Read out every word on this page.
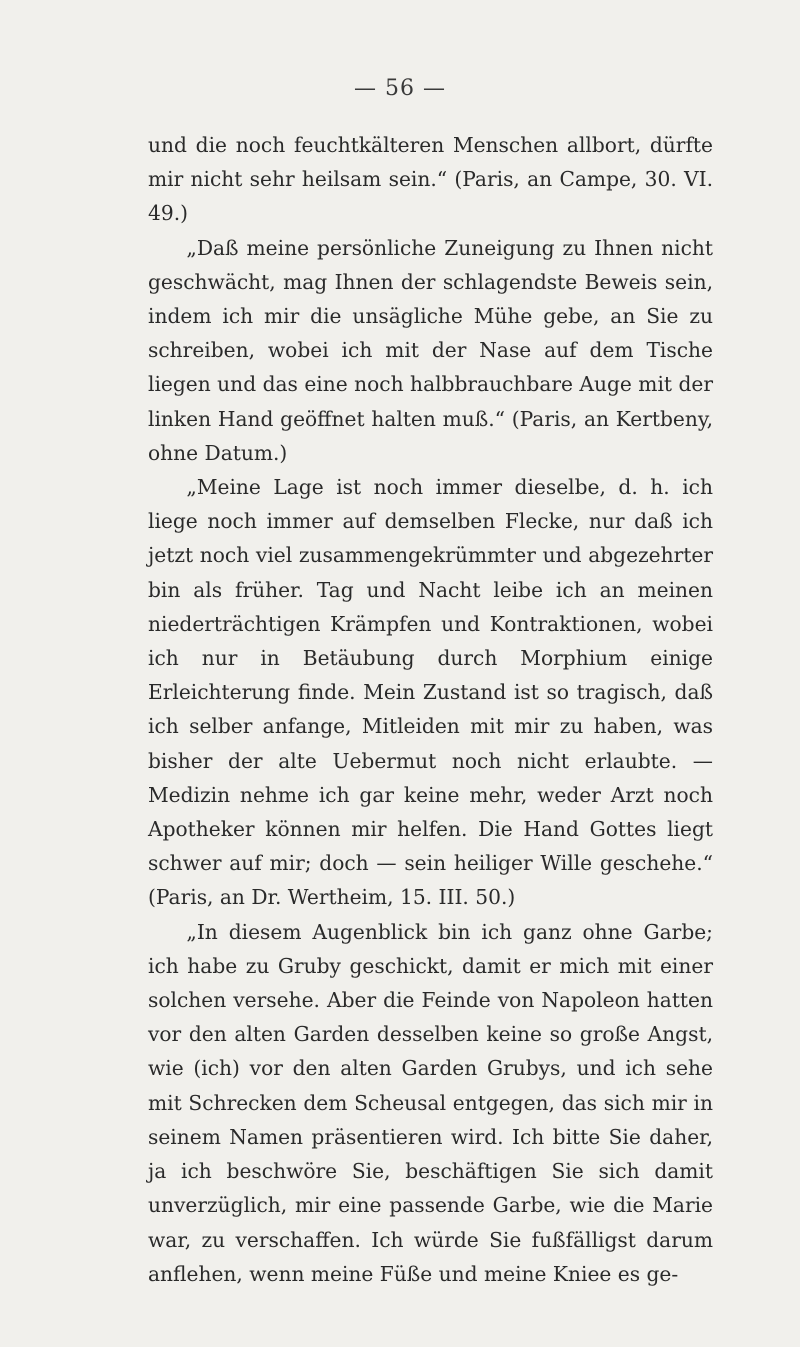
— 56 —

und die noch feuchtkälteren Menschen allbort, dürfte mir nicht sehr heilsam sein.“ (Paris, an Campe, 30. VI. 49.)

„Daß meine persönliche Zuneigung zu Ihnen nicht geschwächt, mag Ihnen der schlagendste Beweis sein, indem ich mir die unsägliche Mühe gebe, an Sie zu schreiben, wobei ich mit der Nase auf dem Tische liegen und das eine noch halbbrauchbare Auge mit der linken Hand geöffnet halten muß.“ (Paris, an Kertbeny, ohne Datum.)

„Meine Lage ist noch immer dieselbe, d. h. ich liege noch immer auf demselben Flecke, nur daß ich jetzt noch viel zusammengekrümmter und abgezehrter bin als früher. Tag und Nacht leibe ich an meinen niederträchtigen Krämpfen und Kontraktionen, wobei ich nur in Betäubung durch Morphium einige Erleichterung finde. Mein Zustand ist so tragisch, daß ich selber anfange, Mitleiden mit mir zu haben, was bisher der alte Uebermut noch nicht erlaubte. — Medizin nehme ich gar keine mehr, weder Arzt noch Apotheker können mir helfen. Die Hand Gottes liegt schwer auf mir; doch — sein heiliger Wille geschehe.“ (Paris, an Dr. Wertheim, 15. III. 50.)

„In diesem Augenblick bin ich ganz ohne Garbe; ich habe zu Gruby geschickt, damit er mich mit einer solchen versehe. Aber die Feinde von Napoleon hatten vor den alten Garden desselben keine so große Angst, wie (ich) vor den alten Garden Grubys, und ich sehe mit Schrecken dem Scheusal entgegen, das sich mir in seinem Namen präsentieren wird. Ich bitte Sie daher, ja ich beschwöre Sie, beschäftigen Sie sich damit unverzüglich, mir eine passende Garbe, wie die Marie war, zu verschaffen. Ich würde Sie fußfälligst darum anflehen, wenn meine Füße und meine Kniee es ge-
